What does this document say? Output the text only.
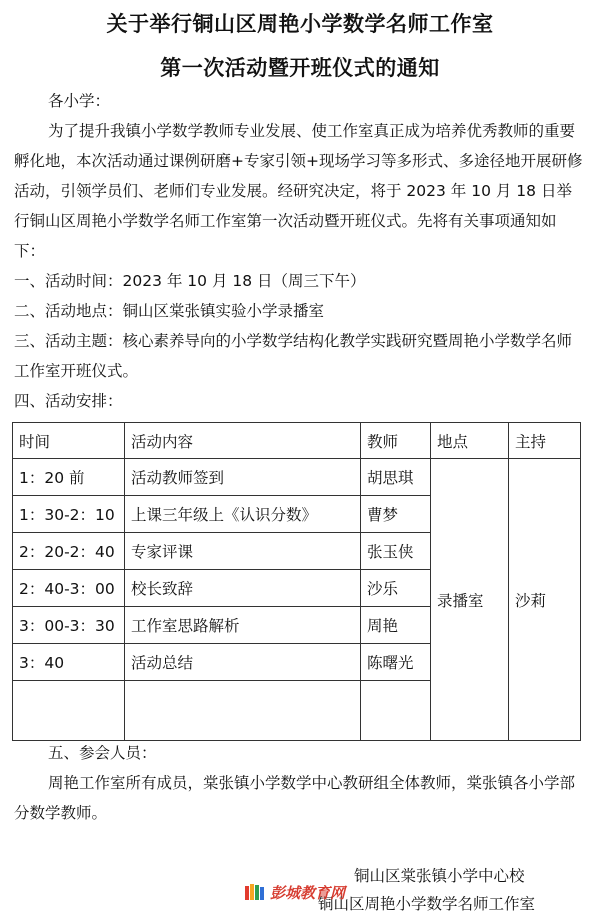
关于举行铜山区周艳小学数学名师工作室
第一次活动暨开班仪式的通知
各小学：
为了提升我镇小学数学教师专业发展、使工作室真正成为培养优秀教师的重要孵化地，本次活动通过课例研磨+专家引领+现场学习等多形式、多途径地开展研修活动，引领学员们、老师们专业发展。经研究决定，将于 2023 年 10 月 18 日举行铜山区周艳小学数学名师工作室第一次活动暨开班仪式。先将有关事项通知如下：
一、活动时间：2023 年 10 月 18 日（周三下午）
二、活动地点：铜山区棠张镇实验小学录播室
三、活动主题：核心素养导向的小学数学结构化教学实践研究暨周艳小学数学名师工作室开班仪式。
四、活动安排：
时间	活动内容	教师	地点	主持
1：20 前	活动教师签到	胡思琪	录播室	沙莉
1：30-2：10	上课三年级上《认识分数》	曹梦		
2：20-2：40	专家评课	张玉侠		
2：40-3：00	校长致辞	沙乐		
3：00-3：30	工作室思路解析	周艳		
3：40	活动总结	陈曙光		

五、参会人员：
周艳工作室所有成员，棠张镇小学数学中心教研组全体教师，棠张镇各小学部分数学教师。
铜山区棠张镇小学中心校
铜山区周艳小学数学名师工作室
彭城教育网
